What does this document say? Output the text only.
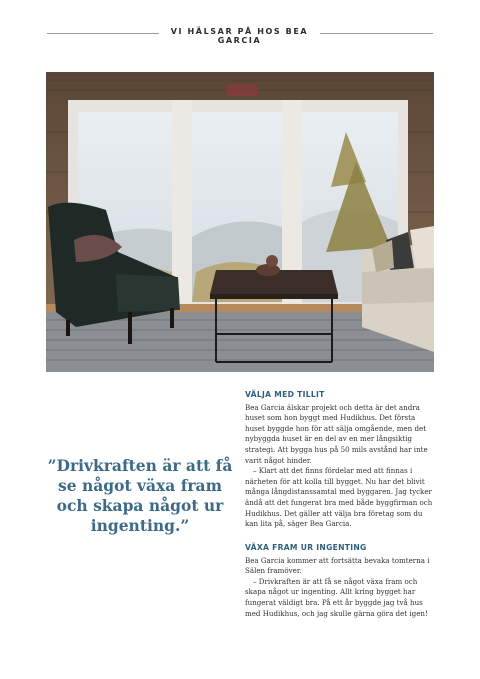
VI HÄLSAR PÅ HOS BEA GARCIA
”Drivkraften är att få se något växa fram och skapa något ur ingenting.”
VÄLJA MED TILLIT

Bea Garcia älskar projekt och detta är det andra huset som hon byggt med Hudikhus. Det första huset byggde hon för att sälja omgående, men det nybyggda huset är en del av en mer långsiktig strategi. Att bygga hus på 50 mils avstånd har inte varit något hinder.

– Klart att det finns fördelar med att finnas i närheten för att kolla till bygget. Nu har det blivit många långdistanssamtal med byggaren. Jag tycker ändå att det fungerat bra med både byggfirman och Hudikhus. Det gäller att välja bra företag som du kan lita på, säger Bea Garcia.

VÄXA FRAM UR INGENTING

Bea Garcia kommer att fortsätta bevaka tomterna i Sälen framöver.

– Drivkraften är att få se något växa fram och skapa något ur ingenting. Allt kring bygget har fungerat väldigt bra. På ett år byggde jag två hus med Hudikhus, och jag skulle gärna göra det igen!
